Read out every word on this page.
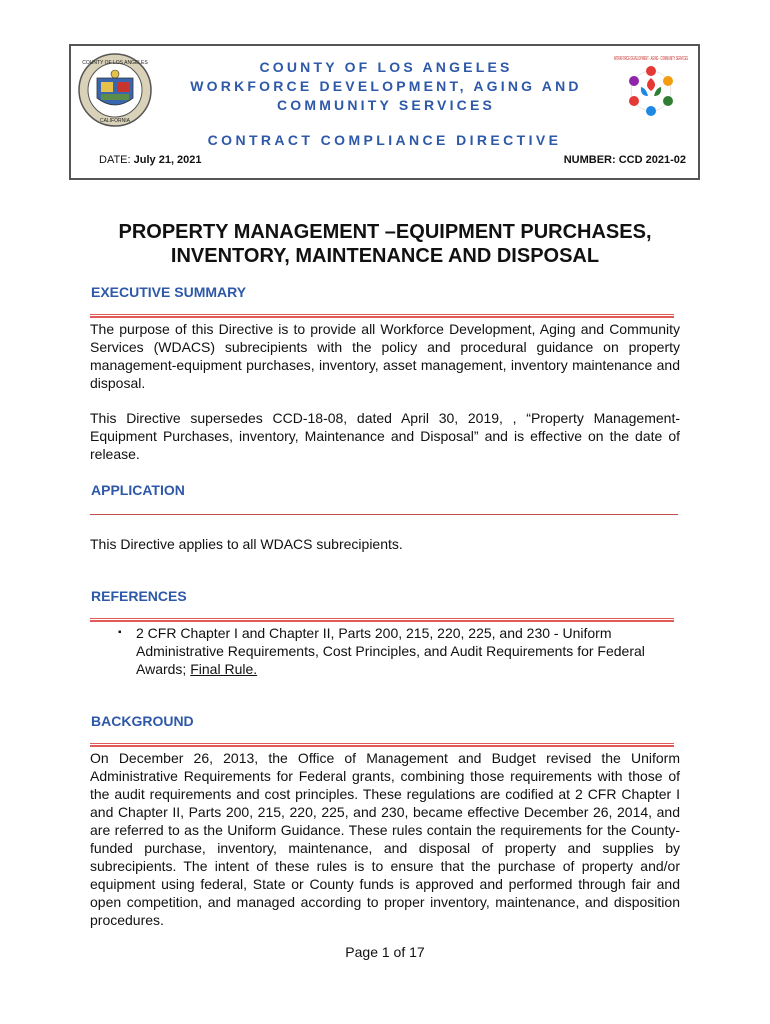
COUNTY OF LOS ANGELES
CALIFORNIA
COUNTY OF LOS ANGELES
WORKFORCE DEVELOPMENT, AGING AND
COMMUNITY SERVICES
WORKFORCE DEVELOPMENT · AGING · COMMUNITY SERVICES
CONTRACT COMPLIANCE DIRECTIVE
DATE: July 21, 2021	NUMBER: CCD 2021-02
PROPERTY MANAGEMENT –EQUIPMENT PURCHASES,
INVENTORY, MAINTENANCE AND DISPOSAL
EXECUTIVE SUMMARY

The purpose of this Directive is to provide all Workforce Development, Aging and Community Services (WDACS) subrecipients with the policy and procedural guidance on property management-equipment purchases, inventory, asset management, inventory maintenance and disposal.

This Directive supersedes CCD-18-08, dated April 30, 2019, , “Property Management-Equipment Purchases, inventory, Maintenance and Disposal” and is effective on the date of release.

APPLICATION

This Directive applies to all WDACS subrecipients.

REFERENCES
▪ 2 CFR Chapter I and Chapter II, Parts 200, 215, 220, 225, and 230 - Uniform Administrative Requirements, Cost Principles, and Audit Requirements for Federal Awards; Final Rule.
BACKGROUND

On December 26, 2013, the Office of Management and Budget revised the Uniform Administrative Requirements for Federal grants, combining those requirements with those of the audit requirements and cost principles. These regulations are codified at 2 CFR Chapter I and Chapter II, Parts 200, 215, 220, 225, and 230, became effective December 26, 2014, and are referred to as the Uniform Guidance. These rules contain the requirements for the County-funded purchase, inventory, maintenance, and disposal of property and supplies by subrecipients. The intent of these rules is to ensure that the purchase of property and/or equipment using federal, State or County funds is approved and performed through fair and open competition, and managed according to proper inventory, maintenance, and disposition procedures.

Page 1 of 17
